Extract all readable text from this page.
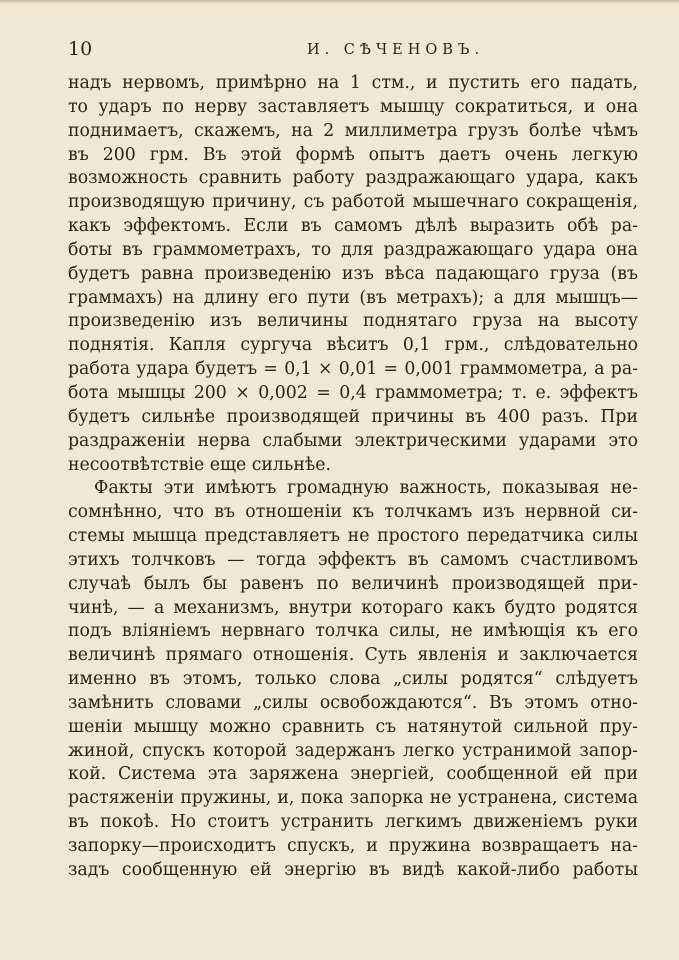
10	И. СѢЧЕНОВЪ.
надъ нервомъ, примѣрно на 1 стм., и пустить его падать,
то ударъ по нерву заставляетъ мышцу сократиться, и она
поднимаетъ, скажемъ, на 2 миллиметра грузъ болѣе чѣмъ
въ 200 грм. Въ этой формѣ опытъ даетъ очень легкую
возможность сравнить работу раздражающаго удара, какъ
производящую причину, съ работой мышечнаго сокращенія,
какъ эффектомъ. Если въ самомъ дѣлѣ выразить обѣ ра-
боты въ граммометрахъ, то для раздражающаго удара она
будетъ равна произведенію изъ вѣса падающаго груза (въ
граммахъ) на длину его пути (въ метрахъ); а для мышцъ—
произведенію изъ величины поднятаго груза на высоту
поднятія. Капля сургуча вѣситъ 0,1 грм., слѣдовательно
работа удара будетъ = 0,1 × 0,01 = 0,001 граммометра, а ра-
бота мышцы 200 × 0,002 = 0,4 граммометра; т. е. эффектъ
будетъ сильнѣе производящей причины въ 400 разъ. При
раздраженіи нерва слабыми электрическими ударами это
несоотвѣтствіе еще сильнѣе.
Факты эти имѣютъ громадную важность, показывая не-
сомнѣнно, что въ отношеніи къ толчкамъ изъ нервной си-
стемы мышца представляетъ не простого передатчика силы
этихъ толчковъ — тогда эффектъ въ самомъ счастливомъ
случаѣ былъ бы равенъ по величинѣ производящей при-
чинѣ, — а механизмъ, внутри котораго какъ будто родятся
подъ вліяніемъ нервнаго толчка силы, не имѣющія къ его
величинѣ прямаго отношенія. Суть явленія и заключается
именно въ этомъ, только слова „силы родятся“ слѣдуетъ
замѣнить словами „силы освобождаются“. Въ этомъ отно-
шеніи мышцу можно сравнить съ натянутой сильной пру-
жиной, спускъ которой задержанъ легко устранимой запор-
кой. Система эта заряжена энергіей, сообщенной ей при
растяженіи пружины, и, пока запорка не устранена, система
въ покоѣ. Но стоитъ устранить легкимъ движеніемъ руки
запорку—происходитъ спускъ, и пружина возвращаетъ на-
задъ сообщенную ей энергію въ видѣ какой-либо работы
